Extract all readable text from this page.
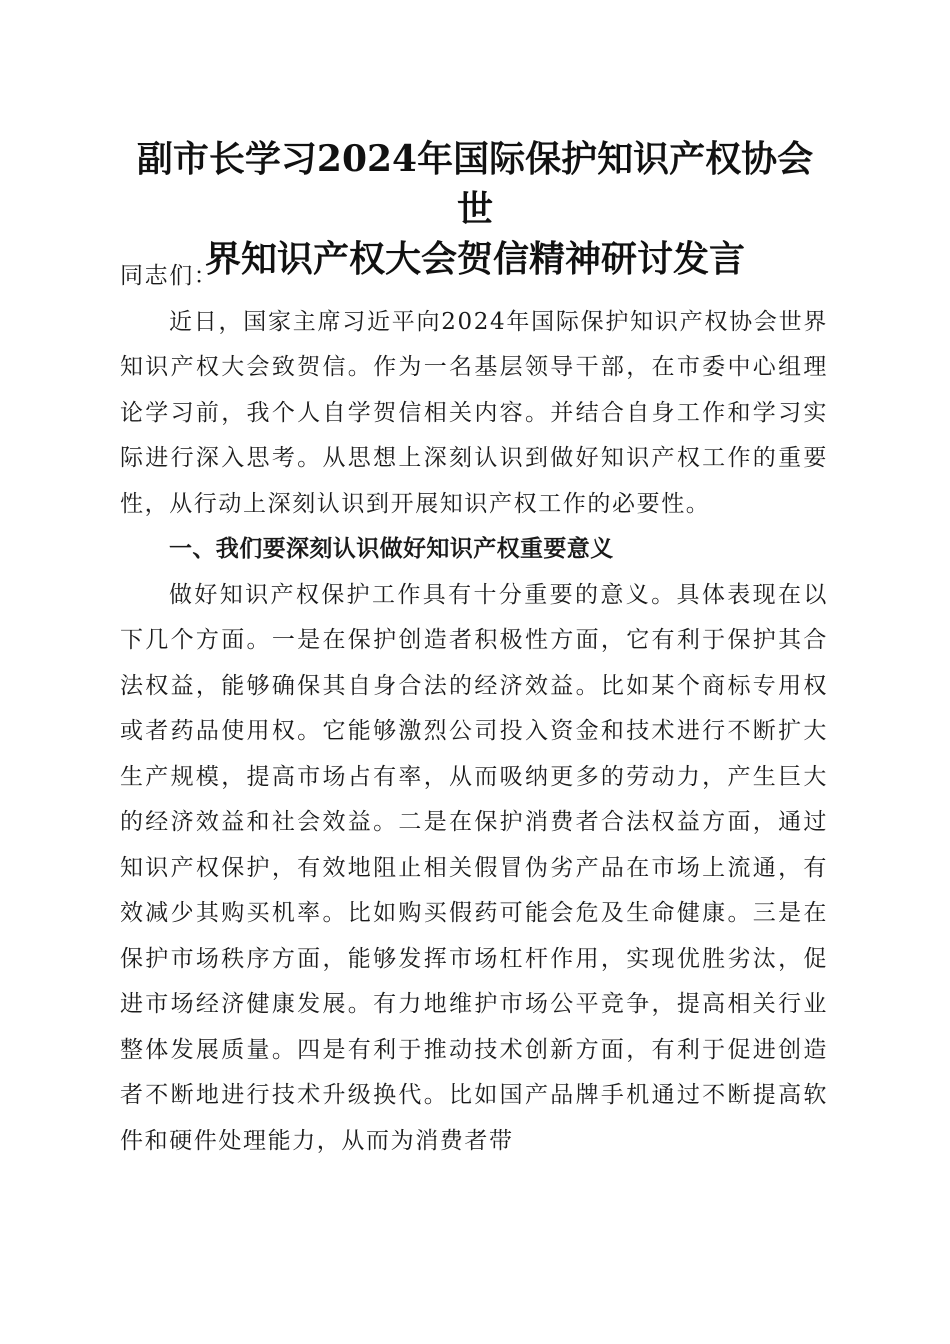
副市长学习2024年国际保护知识产权协会世
界知识产权大会贺信精神研讨发言

同志们：

近日，国家主席习近平向2024年国际保护知识产权协会世界知识产权大会致贺信。作为一名基层领导干部，在市委中心组理论学习前，我个人自学贺信相关内容。并结合自身工作和学习实际进行深入思考。从思想上深刻认识到做好知识产权工作的重要性，从行动上深刻认识到开展知识产权工作的必要性。

一、我们要深刻认识做好知识产权重要意义

做好知识产权保护工作具有十分重要的意义。具体表现在以下几个方面。一是在保护创造者积极性方面，它有利于保护其合法权益，能够确保其自身合法的经济效益。比如某个商标专用权或者药品使用权。它能够激烈公司投入资金和技术进行不断扩大生产规模，提高市场占有率，从而吸纳更多的劳动力，产生巨大的经济效益和社会效益。二是在保护消费者合法权益方面，通过知识产权保护，有效地阻止相关假冒伪劣产品在市场上流通，有效减少其购买机率。比如购买假药可能会危及生命健康。三是在保护市场秩序方面，能够发挥市场杠杆作用，实现优胜劣汰，促进市场经济健康发展。有力地维护市场公平竞争，提高相关行业整体发展质量。四是有利于推动技术创新方面，有利于促进创造者不断地进行技术升级换代。比如国产品牌手机通过不断提高软件和硬件处理能力，从而为消费者带
